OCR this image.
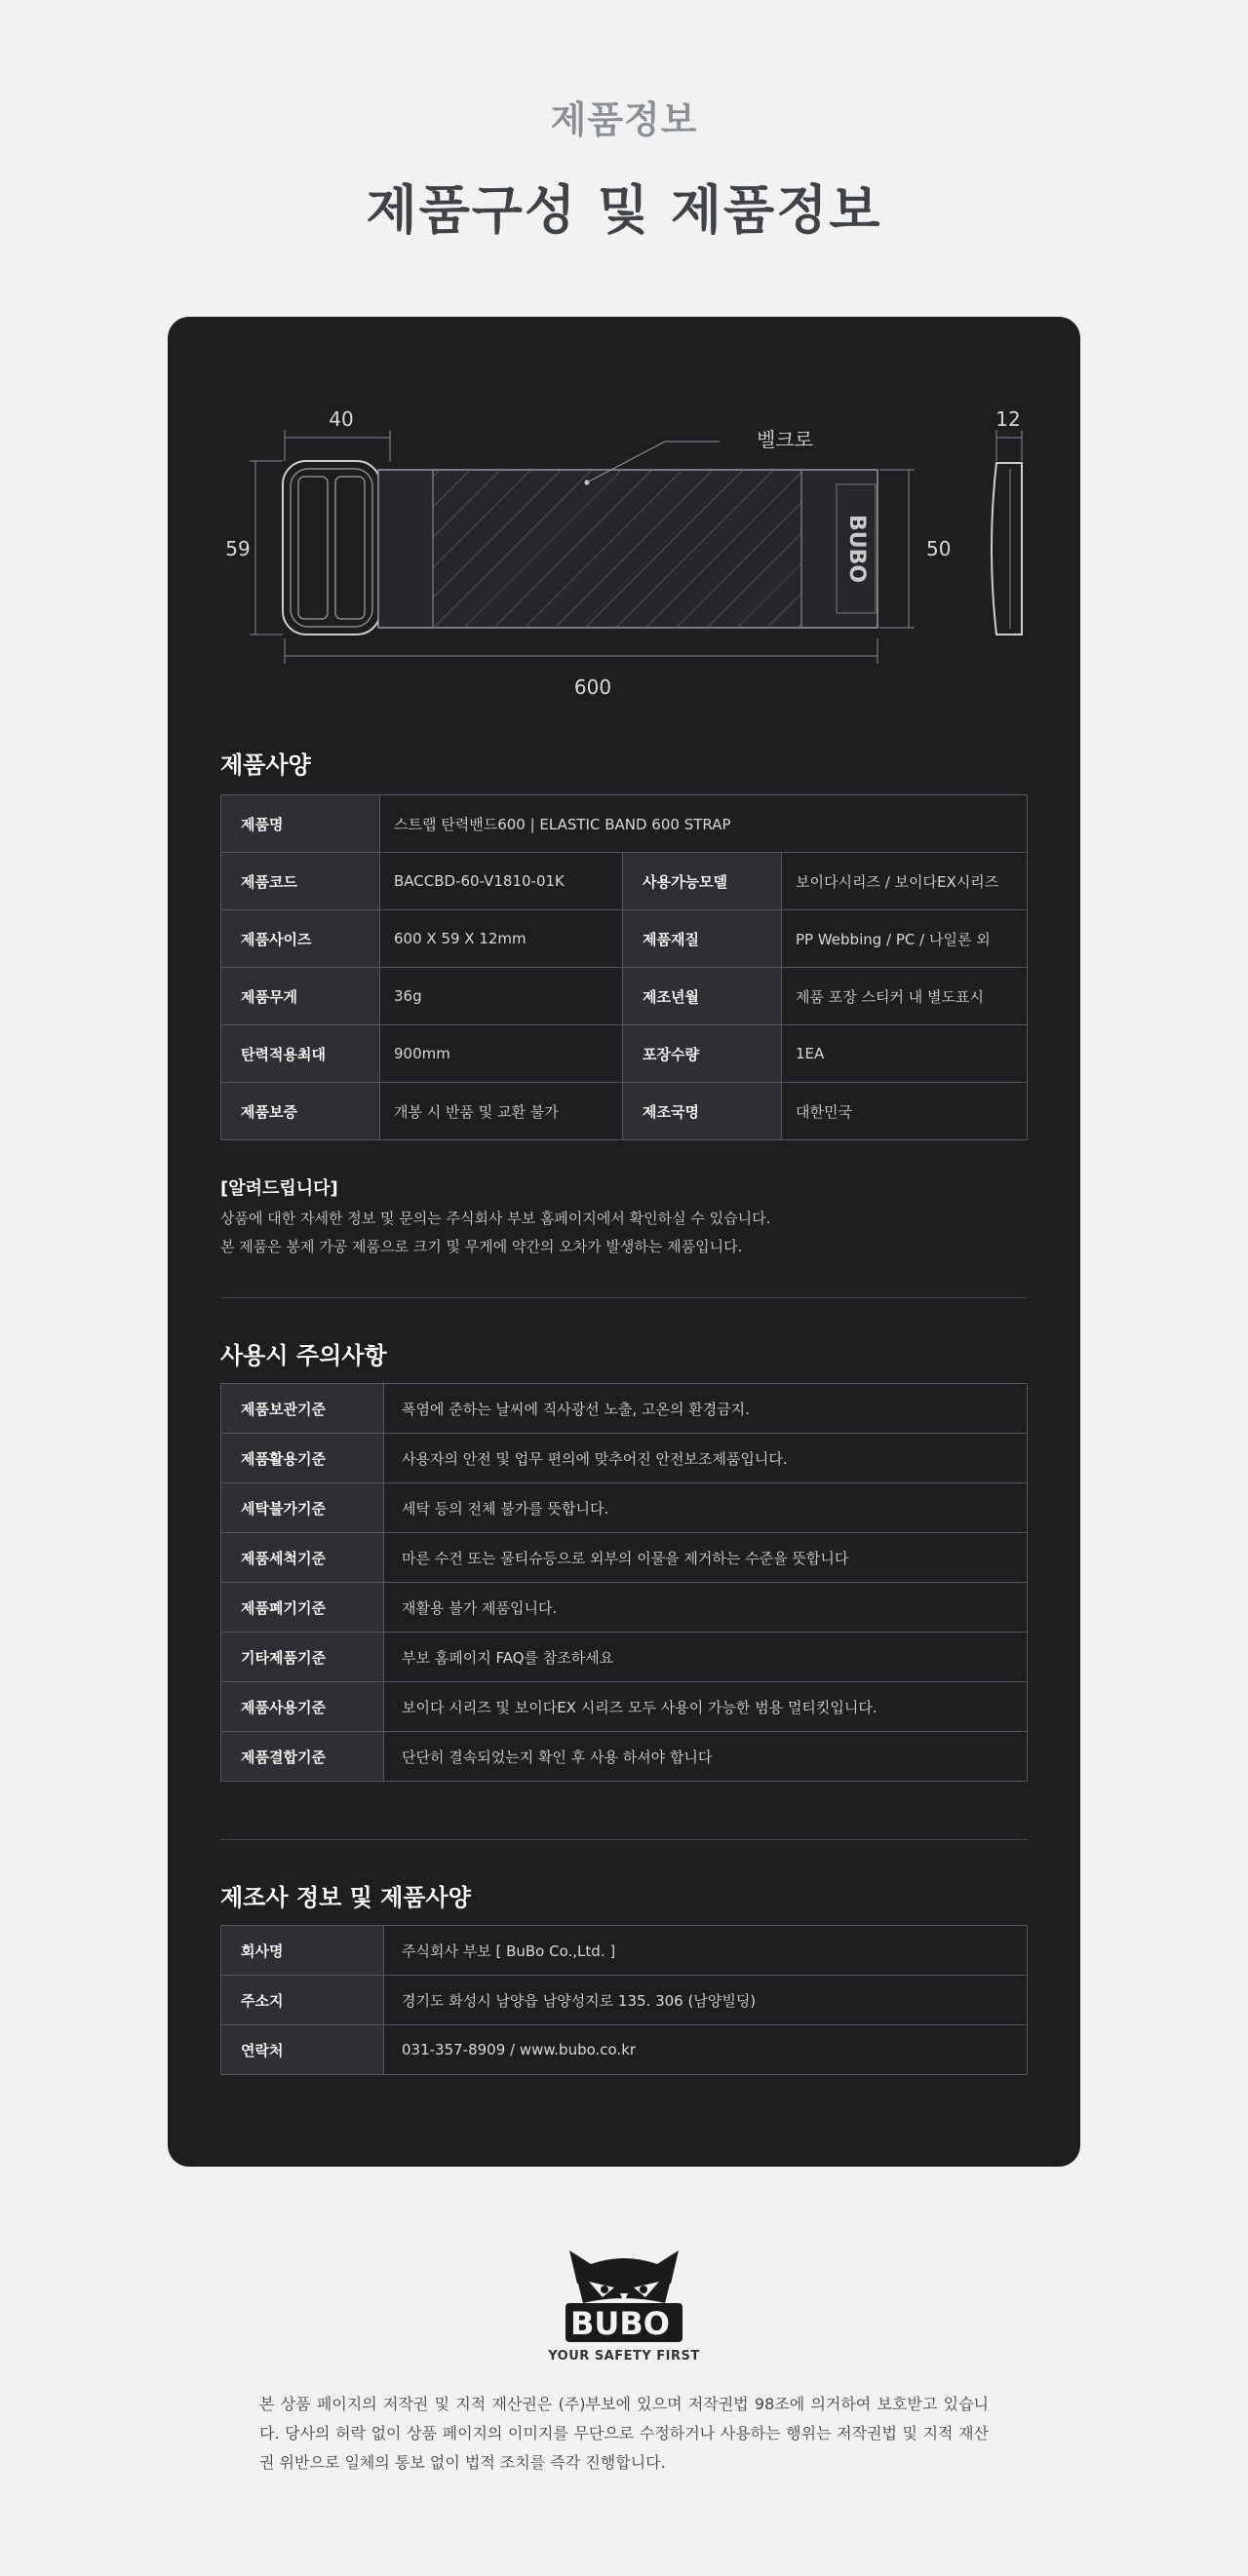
제품정보
제품구성 및 제품정보
BUBO
벨크로
40
59
600
50
12
제품사양
제품명	스트랩 탄력밴드600 | ELASTIC BAND 600 STRAP		
제품코드	BACCBD-60-V1810-01K	사용가능모델	보이다시리즈 / 보이다EX시리즈
제품사이즈	600 X 59 X 12mm	제품재질	PP Webbing / PC / 나일론 외
제품무게	36g	제조년월	제품 포장 스티커 내 별도표시
탄력적용최대	900mm	포장수량	1EA
제품보증	개봉 시 반품 및 교환 불가	제조국명	대한민국
[알려드립니다]
상품에 대한 자세한 정보 및 문의는 주식회사 부보 홈페이지에서 확인하실 수 있습니다.
본 제품은 봉제 가공 제품으로 크기 및 무게에 약간의 오차가 발생하는 제품입니다.
사용시 주의사항
제품보관기준	폭염에 준하는 날씨에 직사광선 노출, 고온의 환경금지.
제품활용기준	사용자의 안전 및 업무 편의에 맞추어진 안전보조제품입니다.
세탁불가기준	세탁 등의 전체 불가를 뜻합니다.
제품세척기준	마른 수건 또는 물티슈등으로 외부의 이물을 제거하는 수준을 뜻합니다
제품폐기기준	재활용 불가 제품입니다.
기타제품기준	부보 홈페이지 FAQ를 참조하세요
제품사용기준	보이다 시리즈 및 보이다EX 시리즈 모두 사용이 가능한 범용 멀티킷입니다.
제품결합기준	단단히 결속되었는지 확인 후 사용 하셔야 합니다
제조사 정보 및 제품사양
회사명	주식회사 부보 [ BuBo Co.,Ltd. ]
주소지	경기도 화성시 남양읍 남양성지로 135. 306 (남양빌딩)
연락처	031-357-8909 / www.bubo.co.kr
BUBO ®
YOUR SAFETY FIRST
본 상품 페이지의 저작권 및 지적 재산권은 (주)부보에 있으며 저작권법 98조에 의거하여 보호받고 있습니다. 당사의 허락 없이 상품 페이지의 이미지를 무단으로 수정하거나 사용하는 행위는 저작권법 및 지적 재산권 위반으로 일체의 통보 없이 법적 조치를 즉각 진행합니다.
